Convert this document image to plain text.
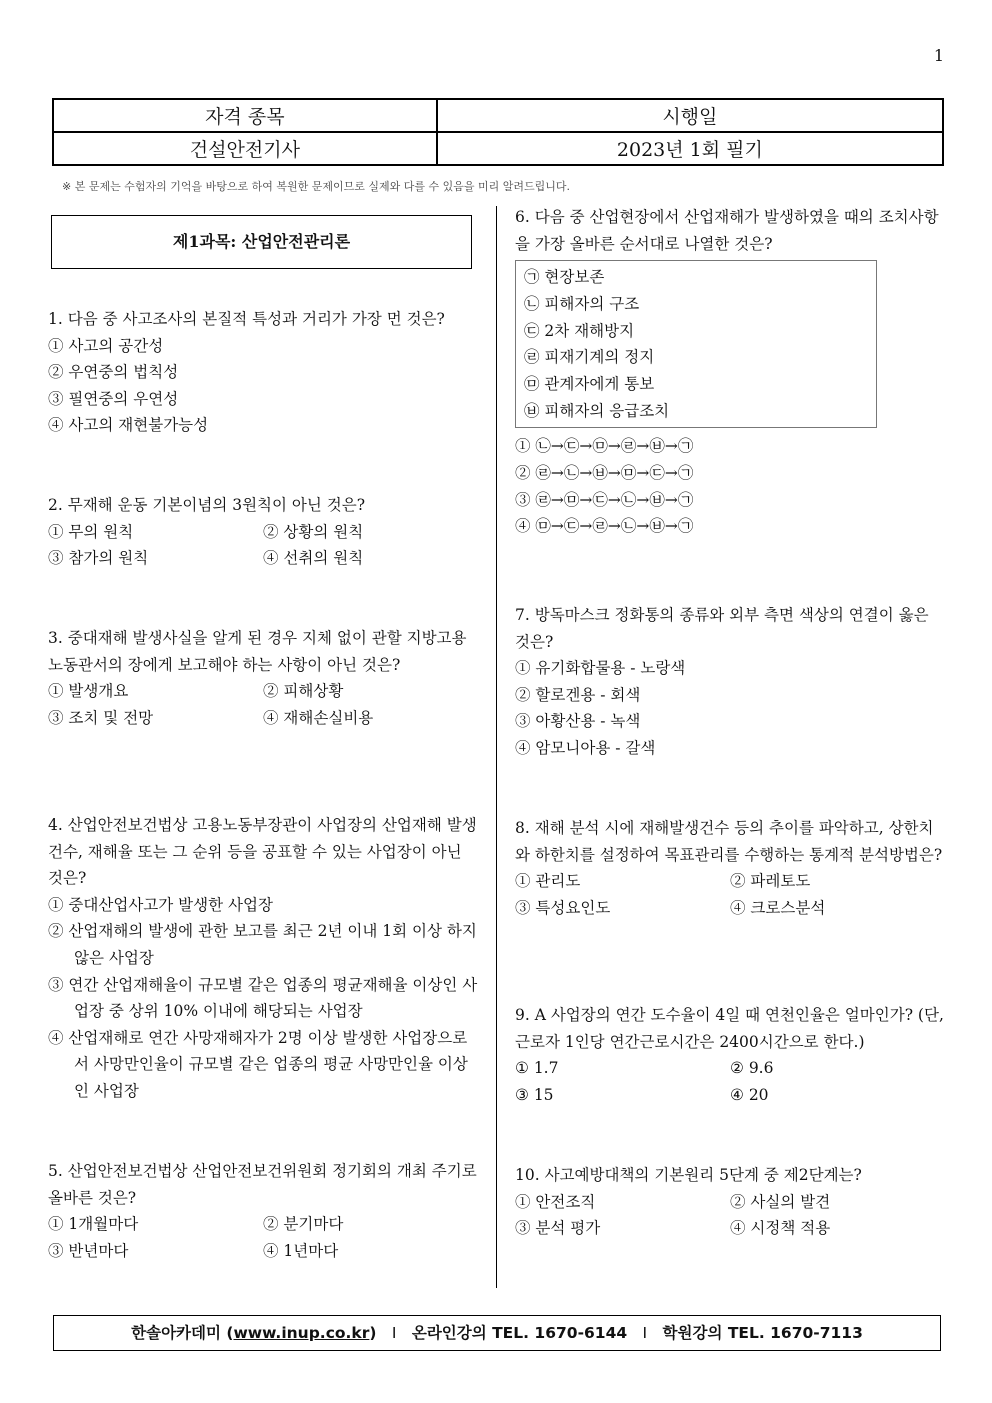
1
자격 종목	시행일
건설안전기사	2023년 1회 필기
※ 본 문제는 수험자의 기억을 바탕으로 하여 복원한 문제이므로 실제와 다를 수 있음을 미리 알려드립니다.
제1과목: 산업안전관리론

1. 다음 중 사고조사의 본질적 특성과 거리가 가장 먼 것은?

① 사고의 공간성

② 우연중의 법칙성

③ 필연중의 우연성

④ 사고의 재현불가능성

2. 무재해 운동 기본이념의 3원칙이 아닌 것은?

① 무의 원칙	② 상황의 원칙

③ 참가의 원칙	④ 선취의 원칙

3. 중대재해 발생사실을 알게 된 경우 지체 없이 관할 지방고용노동관서의 장에게 보고해야 하는 사항이 아닌 것은?

① 발생개요	② 피해상황

③ 조치 및 전망	④ 재해손실비용

4. 산업안전보건법상 고용노동부장관이 사업장의 산업재해 발생건수, 재해율 또는 그 순위 등을 공표할 수 있는 사업장이 아닌 것은?

① 중대산업사고가 발생한 사업장

② 산업재해의 발생에 관한 보고를 최근 2년 이내 1회 이상 하지 않은 사업장

③ 연간 산업재해율이 규모별 같은 업종의 평균재해율 이상인 사업장 중 상위 10% 이내에 해당되는 사업장

④ 산업재해로 연간 사망재해자가 2명 이상 발생한 사업장으로서 사망만인율이 규모별 같은 업종의 평균 사망만인율 이상인 사업장

5. 산업안전보건법상 산업안전보건위원회 정기회의 개최 주기로 올바른 것은?

① 1개월마다	② 분기마다

③ 반년마다	④ 1년마다

6. 다음 중 산업현장에서 산업재해가 발생하였을 때의 조치사항을 가장 올바른 순서대로 나열한 것은?

㉠ 현장보존

㉡ 피해자의 구조

㉢ 2차 재해방지

㉣ 피재기계의 정지

㉤ 관계자에게 통보

㉥ 피해자의 응급조치

① ㉡→㉢→㉤→㉣→㉥→㉠

② ㉣→㉡→㉥→㉤→㉢→㉠

③ ㉣→㉤→㉢→㉡→㉥→㉠

④ ㉤→㉢→㉣→㉡→㉥→㉠

7. 방독마스크 정화통의 종류와 외부 측면 색상의 연결이 옳은 것은?

① 유기화합물용 - 노랑색

② 할로겐용 - 회색

③ 아황산용 - 녹색

④ 암모니아용 - 갈색

8. 재해 분석 시에 재해발생건수 등의 추이를 파악하고, 상한치와 하한치를 설정하여 목표관리를 수행하는 통계적 분석방법은?

① 관리도	② 파레토도

③ 특성요인도	④ 크로스분석

9. A 사업장의 연간 도수율이 4일 때 연천인율은 얼마인가? (단, 근로자 1인당 연간근로시간은 2400시간으로 한다.)

① 1.7	② 9.6

③ 15	④ 20

10. 사고예방대책의 기본원리 5단계 중 제2단계는?

① 안전조직	② 사실의 발견

③ 분석 평가	④ 시정책 적용

한솔아카데미 (www.inup.co.kr) I 온라인강의 TEL. 1670-6144 I 학원강의 TEL. 1670-7113
